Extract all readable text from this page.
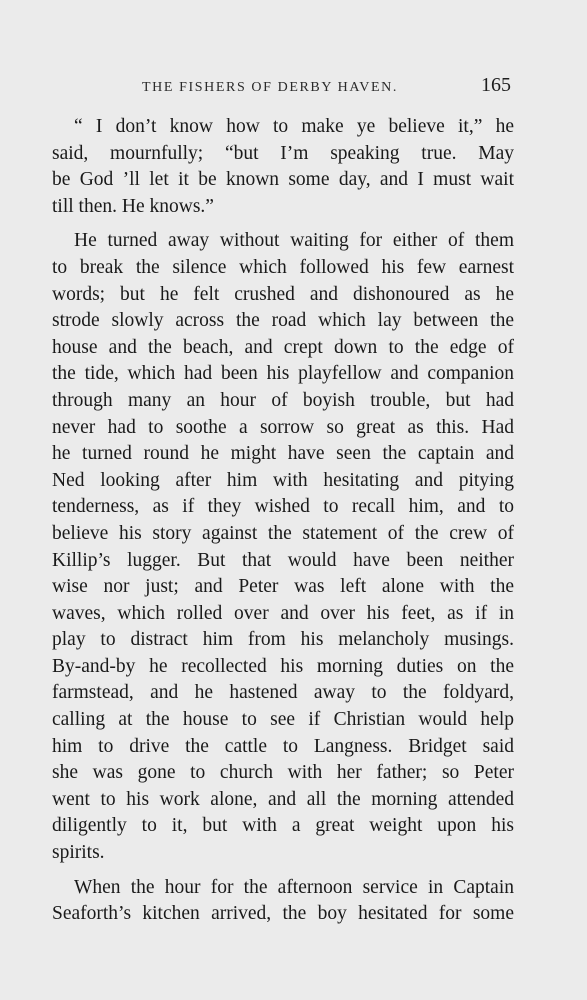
THE FISHERS OF DERBY HAVEN.	165
“ I don’t know how to make ye believe it,” he
said, mournfully; “but I’m speaking true. May
be God ’ll let it be known some day, and I must wait
till then. He knows.”
He turned away without waiting for either of them
to break the silence which followed his few earnest
words; but he felt crushed and dishonoured as he
strode slowly across the road which lay between the
house and the beach, and crept down to the edge of
the tide, which had been his playfellow and companion
through many an hour of boyish trouble, but had
never had to soothe a sorrow so great as this. Had
he turned round he might have seen the captain and
Ned looking after him with hesitating and pitying
tenderness, as if they wished to recall him, and to
believe his story against the statement of the crew of
Killip’s lugger. But that would have been neither
wise nor just; and Peter was left alone with the
waves, which rolled over and over his feet, as if in
play to distract him from his melancholy musings.
By-and-by he recollected his morning duties on the
farmstead, and he hastened away to the foldyard,
calling at the house to see if Christian would help
him to drive the cattle to Langness. Bridget said
she was gone to church with her father; so Peter
went to his work alone, and all the morning attended
diligently to it, but with a great weight upon his
spirits.
When the hour for the afternoon service in Captain
Seaforth’s kitchen arrived, the boy hesitated for some
